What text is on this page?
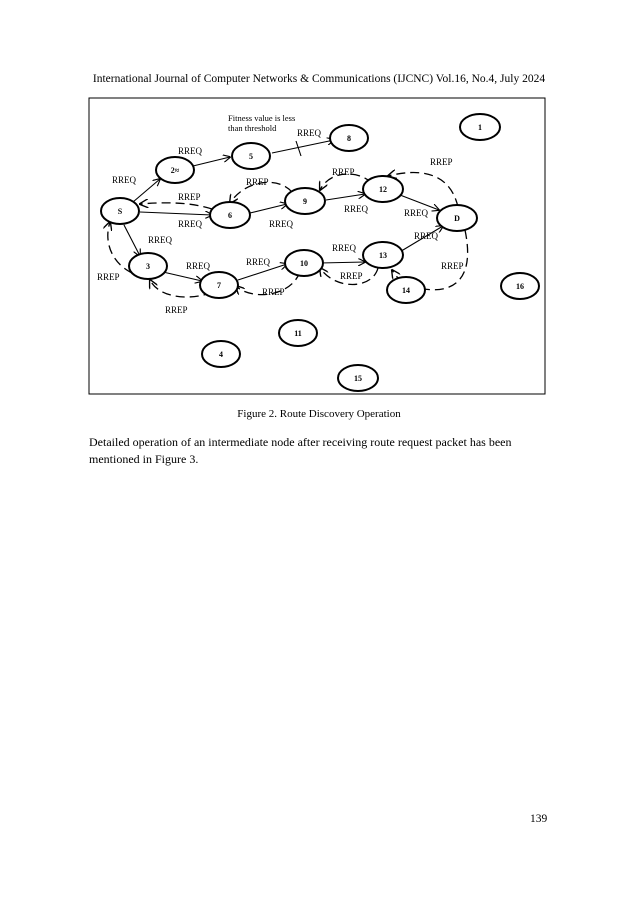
International Journal of Computer Networks & Communications (IJCNC) Vol.16, No.4, July 2024
S
2≈
5
8
1
6
9
12
D
3
7
10
13
14	16
11
4
15
Fitness value is less
than threshold
RREQ
RREQ
RREQ
RREP
RREP
RREP
RREP
RREQ	RREQ
RREQ	RREQ
RREQ
RREP
RREQ	RREQ
RREQ
RREQ
RREP
RREP
RREP
RREP
Figure 2. Route Discovery Operation
Detailed operation of an intermediate node after receiving route request packet has been mentioned in Figure 3.
139
